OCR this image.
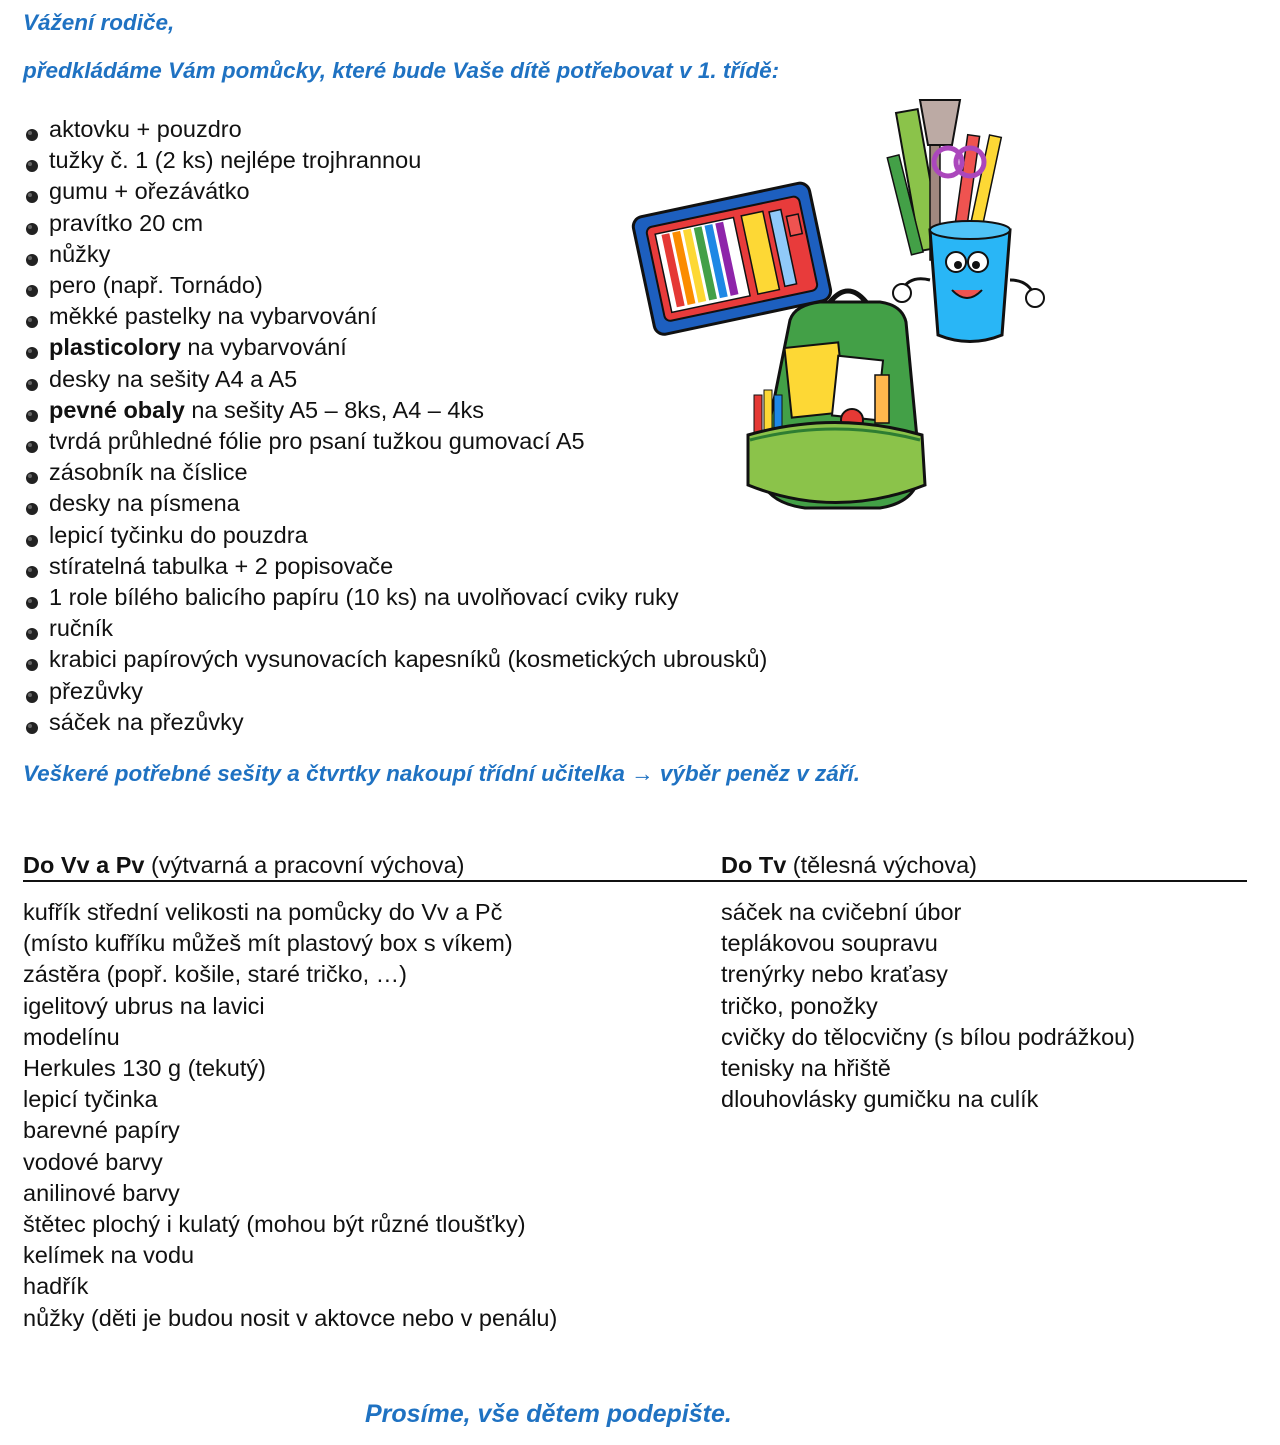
Vážení rodiče,

předkládáme Vám pomůcky, které bude Vaše dítě potřebovat v 1. třídě:

aktovku + pouzdro
tužky č. 1 (2 ks) nejlépe trojhrannou
gumu + ořezávátko
pravítko 20 cm
nůžky
pero (např. Tornádo)
měkké pastelky na vybarvování
plasticolory na vybarvování
desky na sešity A4 a A5
pevné obaly na sešity A5 – 8ks, A4 – 4ks
tvrdá průhledné fólie pro psaní tužkou gumovací A5
zásobník na číslice
desky na písmena
lepicí tyčinku do pouzdra
stíratelná tabulka + 2 popisovače
1 role bílého balicího papíru (10 ks) na uvolňovací cviky ruky
ručník
krabici papírových vysunovacích kapesníků (kosmetických ubrousků)
přezůvky
sáček na přezůvky

Veškeré potřebné sešity a čtvrtky nakoupí třídní učitelka → výběr peněz v září.

Do Vv a Pv (výtvarná a pracovní výchova)	Do Tv (tělesná výchova)
kufřík střední velikosti na pomůcky do Vv a Pč
(místo kufříku můžeš mít plastový box s víkem)
zástěra (popř. košile, staré tričko, …)
igelitový ubrus na lavici
modelínu
Herkules 130 g (tekutý)
lepicí tyčinka
barevné papíry
vodové barvy
anilinové barvy
štětec plochý i kulatý (mohou být různé tloušťky)
kelímek na vodu
hadřík
nůžky (děti je budou nosit v aktovce nebo v penálu)
sáček na cvičební úbor
teplákovou soupravu
trenýrky nebo kraťasy
tričko, ponožky
cvičky do tělocvičny (s bílou podrážkou)
tenisky na hřiště
dlouhovlásky gumičku na culík

Prosíme, vše dětem podepište.
